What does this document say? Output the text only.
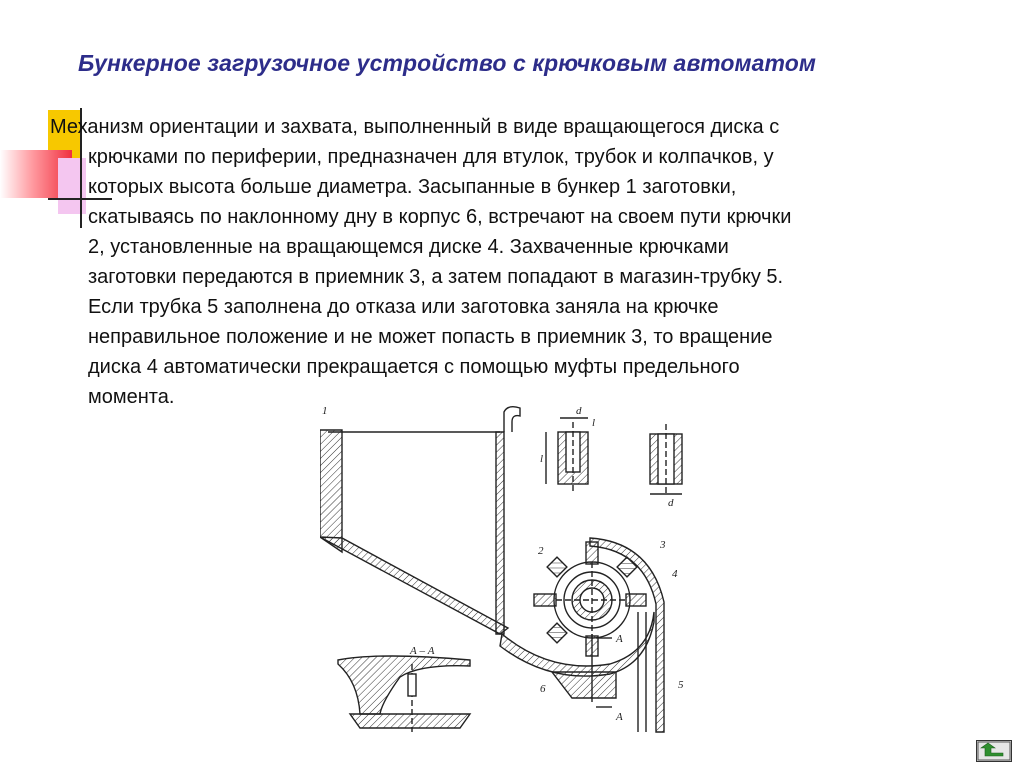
Бункерное загрузочное устройство с крючковым автоматом
Механизм ориентации и захвата, выполненный в виде вращающегося диска с
крючками по периферии, предназначен для втулок, трубок и колпачков, у
которых высота больше диаметра. Засыпанные в бункер 1 заготовки,
скатываясь по наклонному дну в корпус 6, встречают на своем пути крючки
2, установленные на вращающемся диске 4. Захваченные крючками
заготовки передаются в приемник 3, а затем попадают в магазин-трубку 5.
Если трубка 5 заполнена до отказа или заготовка заняла на крючке
неправильное положение и не может попасть в приемник 3, то вращение
диска 4 автоматически прекращается с помощью муфты предельного
момента.
1
2	3
4
5
6
А – А
А
А
d
d
l
l
